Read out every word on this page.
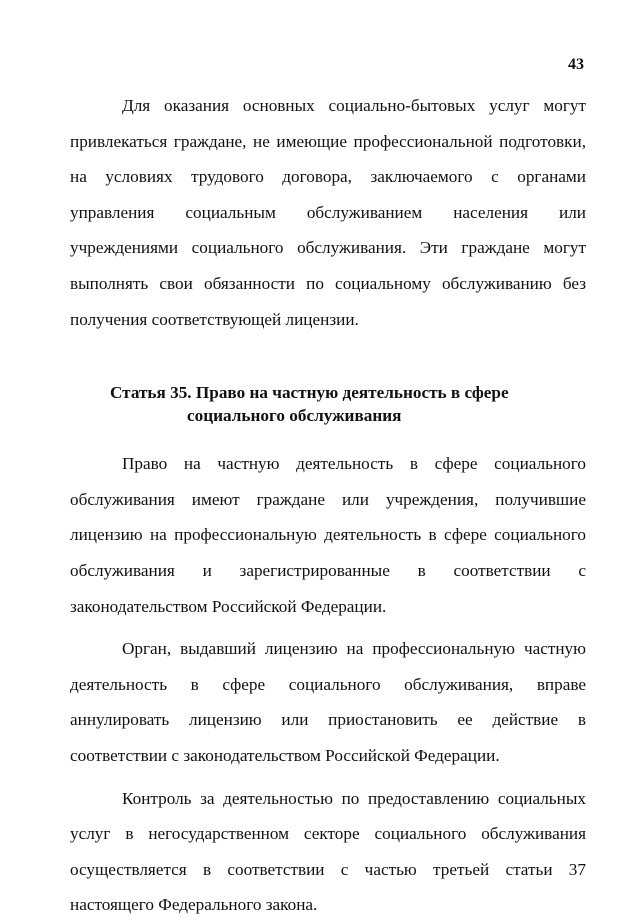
43

Для оказания основных социально-бытовых услуг могут привлекаться граждане, не имеющие профессиональной подготовки, на условиях трудового договора, заключаемого с органами управления социальным обслуживанием населения или учреждениями социального обслуживания. Эти граждане могут выполнять свои обязанности по социальному обслуживанию без получения соответствующей лицензии.

Статья 35. Право на частную деятельность в сфере
социального обслуживания

Право на частную деятельность в сфере социального обслуживания имеют граждане или учреждения, получившие лицензию на профессиональную деятельность в сфере социального обслуживания и зарегистрированные в соответствии с законодательством Российской Федерации.

Орган, выдавший лицензию на профессиональную частную деятельность в сфере социального обслуживания, вправе аннулировать лицензию или приостановить ее действие в соответствии с законодательством Российской Федерации.

Контроль за деятельностью по предоставлению социальных услуг в негосударственном секторе социального обслуживания осуществляется в соответствии с частью третьей статьи 37 настоящего Федерального закона.
